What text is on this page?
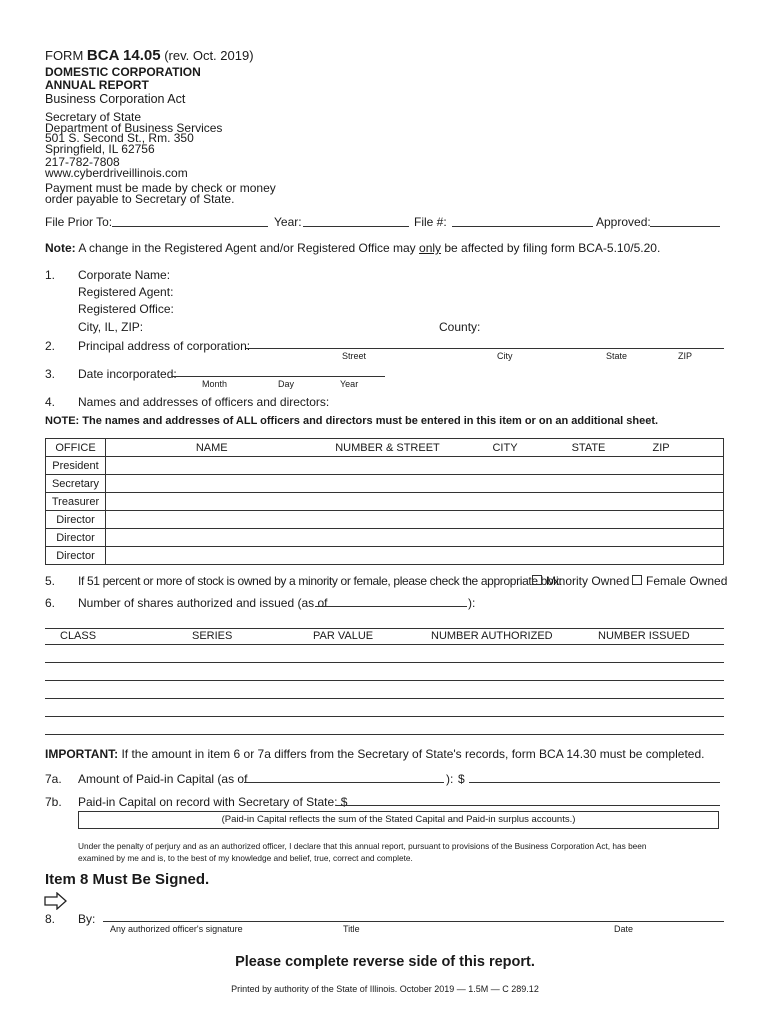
FORM BCA 14.05 (rev. Oct. 2019)
DOMESTIC CORPORATION
ANNUAL REPORT
Business Corporation Act
Secretary of State
Department of Business Services
501 S. Second St., Rm. 350
Springfield, IL 62756
217-782-7808
www.cyberdriveillinois.com
Payment must be made by check or money
order payable to Secretary of State.
File Prior To:	Year:	File #:	Approved:
Note: A change in the Registered Agent and/or Registered Office may only be affected by filing form BCA-5.10/5.20.
1. Corporate Name:
Registered Agent:
Registered Office:
City, IL, ZIP:	County:
2. Principal address of corporation:
Street	City	State	ZIP
3. Date incorporated:
Month	Day	Year
4. Names and addresses of officers and directors:
NOTE: The names and addresses of ALL officers and directors must be entered in this item or on an additional sheet.
OFFICE	NAME	NUMBER & STREET	CITY	STATE	ZIP
President					
Secretary					
Treasurer					
Director					
Director					
Director					
5. If 51 percent or more of stock is owned by a minority or female, please check the appropriate box:
Minority Owned	Female Owned
6. Number of shares authorized and issued (as of	):
CLASS	SERIES	PAR VALUE	NUMBER AUTHORIZED	NUMBER ISSUED
IMPORTANT: If the amount in item 6 or 7a differs from the Secretary of State's records, form BCA 14.30 must be completed.
7a. Amount of Paid-in Capital (as of	): $
7b. Paid-in Capital on record with Secretary of State: $
(Paid-in Capital reflects the sum of the Stated Capital and Paid-in surplus accounts.)
Under the penalty of perjury and as an authorized officer, I declare that this annual report, pursuant to provisions of the Business Corporation Act, has been
examined by me and is, to the best of my knowledge and belief, true, correct and complete.
Item 8 Must Be Signed.
8. By:
Any authorized officer's signature	Title	Date
Please complete reverse side of this report.
Printed by authority of the State of Illinois. October 2019 — 1.5M — C 289.12
